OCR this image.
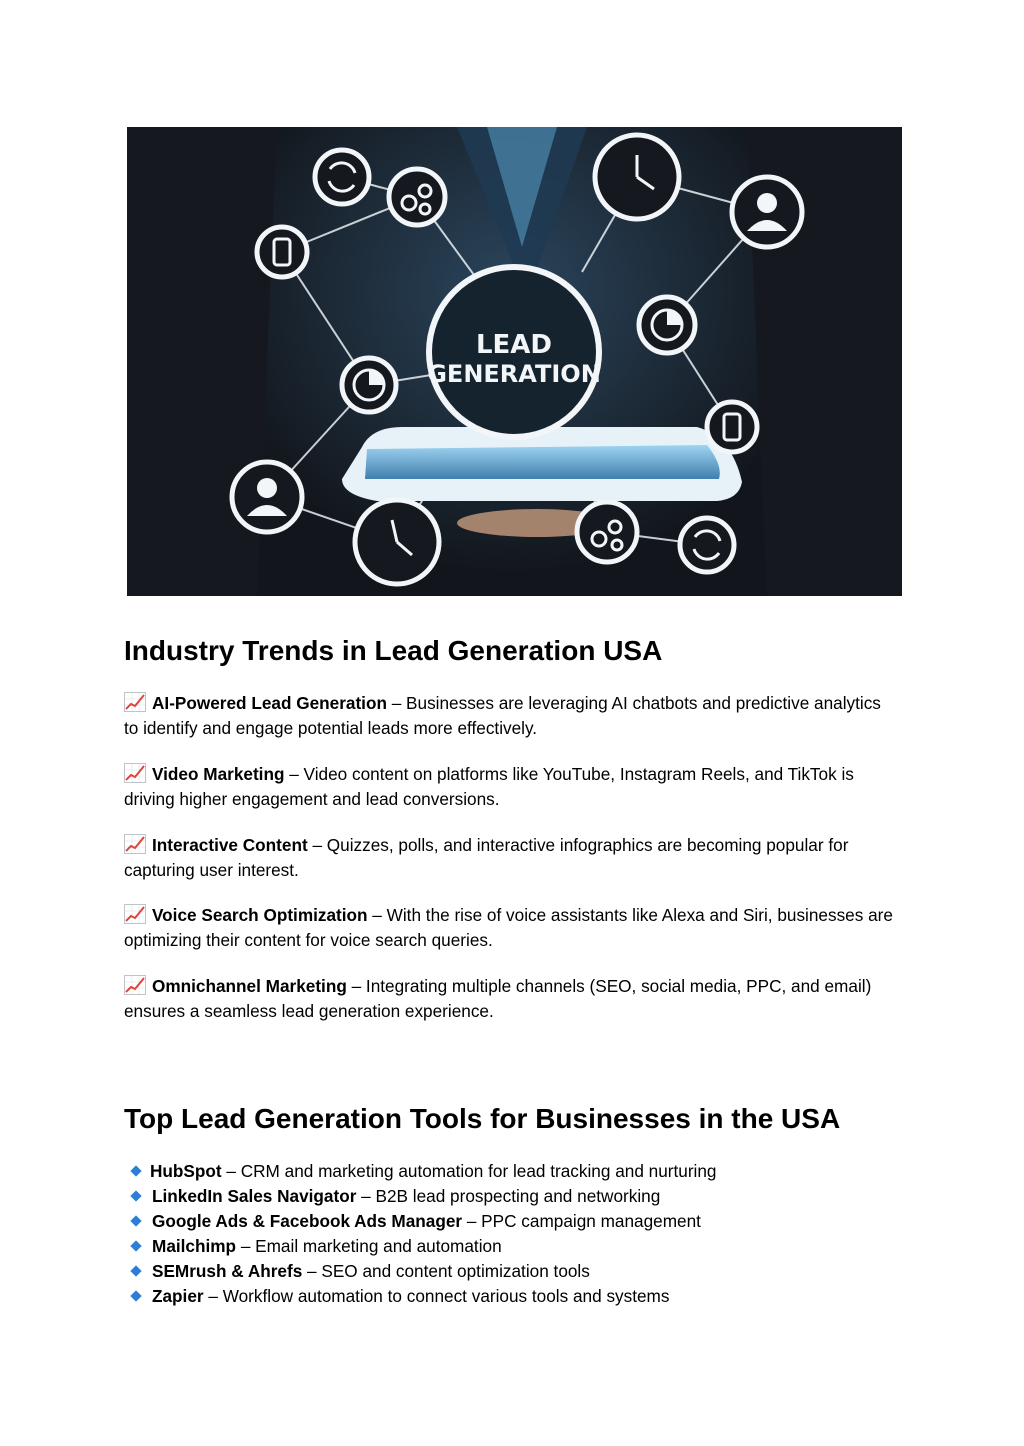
LEAD
GENERATION
Industry Trends in Lead Generation USA

AI-Powered Lead Generation – Businesses are leveraging AI chatbots and predictive analytics to identify and engage potential leads more effectively.

Video Marketing – Video content on platforms like YouTube, Instagram Reels, and TikTok is driving higher engagement and lead conversions.

Interactive Content – Quizzes, polls, and interactive infographics are becoming popular for capturing user interest.

Voice Search Optimization – With the rise of voice assistants like Alexa and Siri, businesses are optimizing their content for voice search queries.

Omnichannel Marketing – Integrating multiple channels (SEO, social media, PPC, and email) ensures a seamless lead generation experience.

Top Lead Generation Tools for Businesses in the USA
HubSpot – CRM and marketing automation for lead tracking and nurturing
LinkedIn Sales Navigator – B2B lead prospecting and networking
Google Ads & Facebook Ads Manager – PPC campaign management
Mailchimp – Email marketing and automation
SEMrush & Ahrefs – SEO and content optimization tools
Zapier – Workflow automation to connect various tools and systems
